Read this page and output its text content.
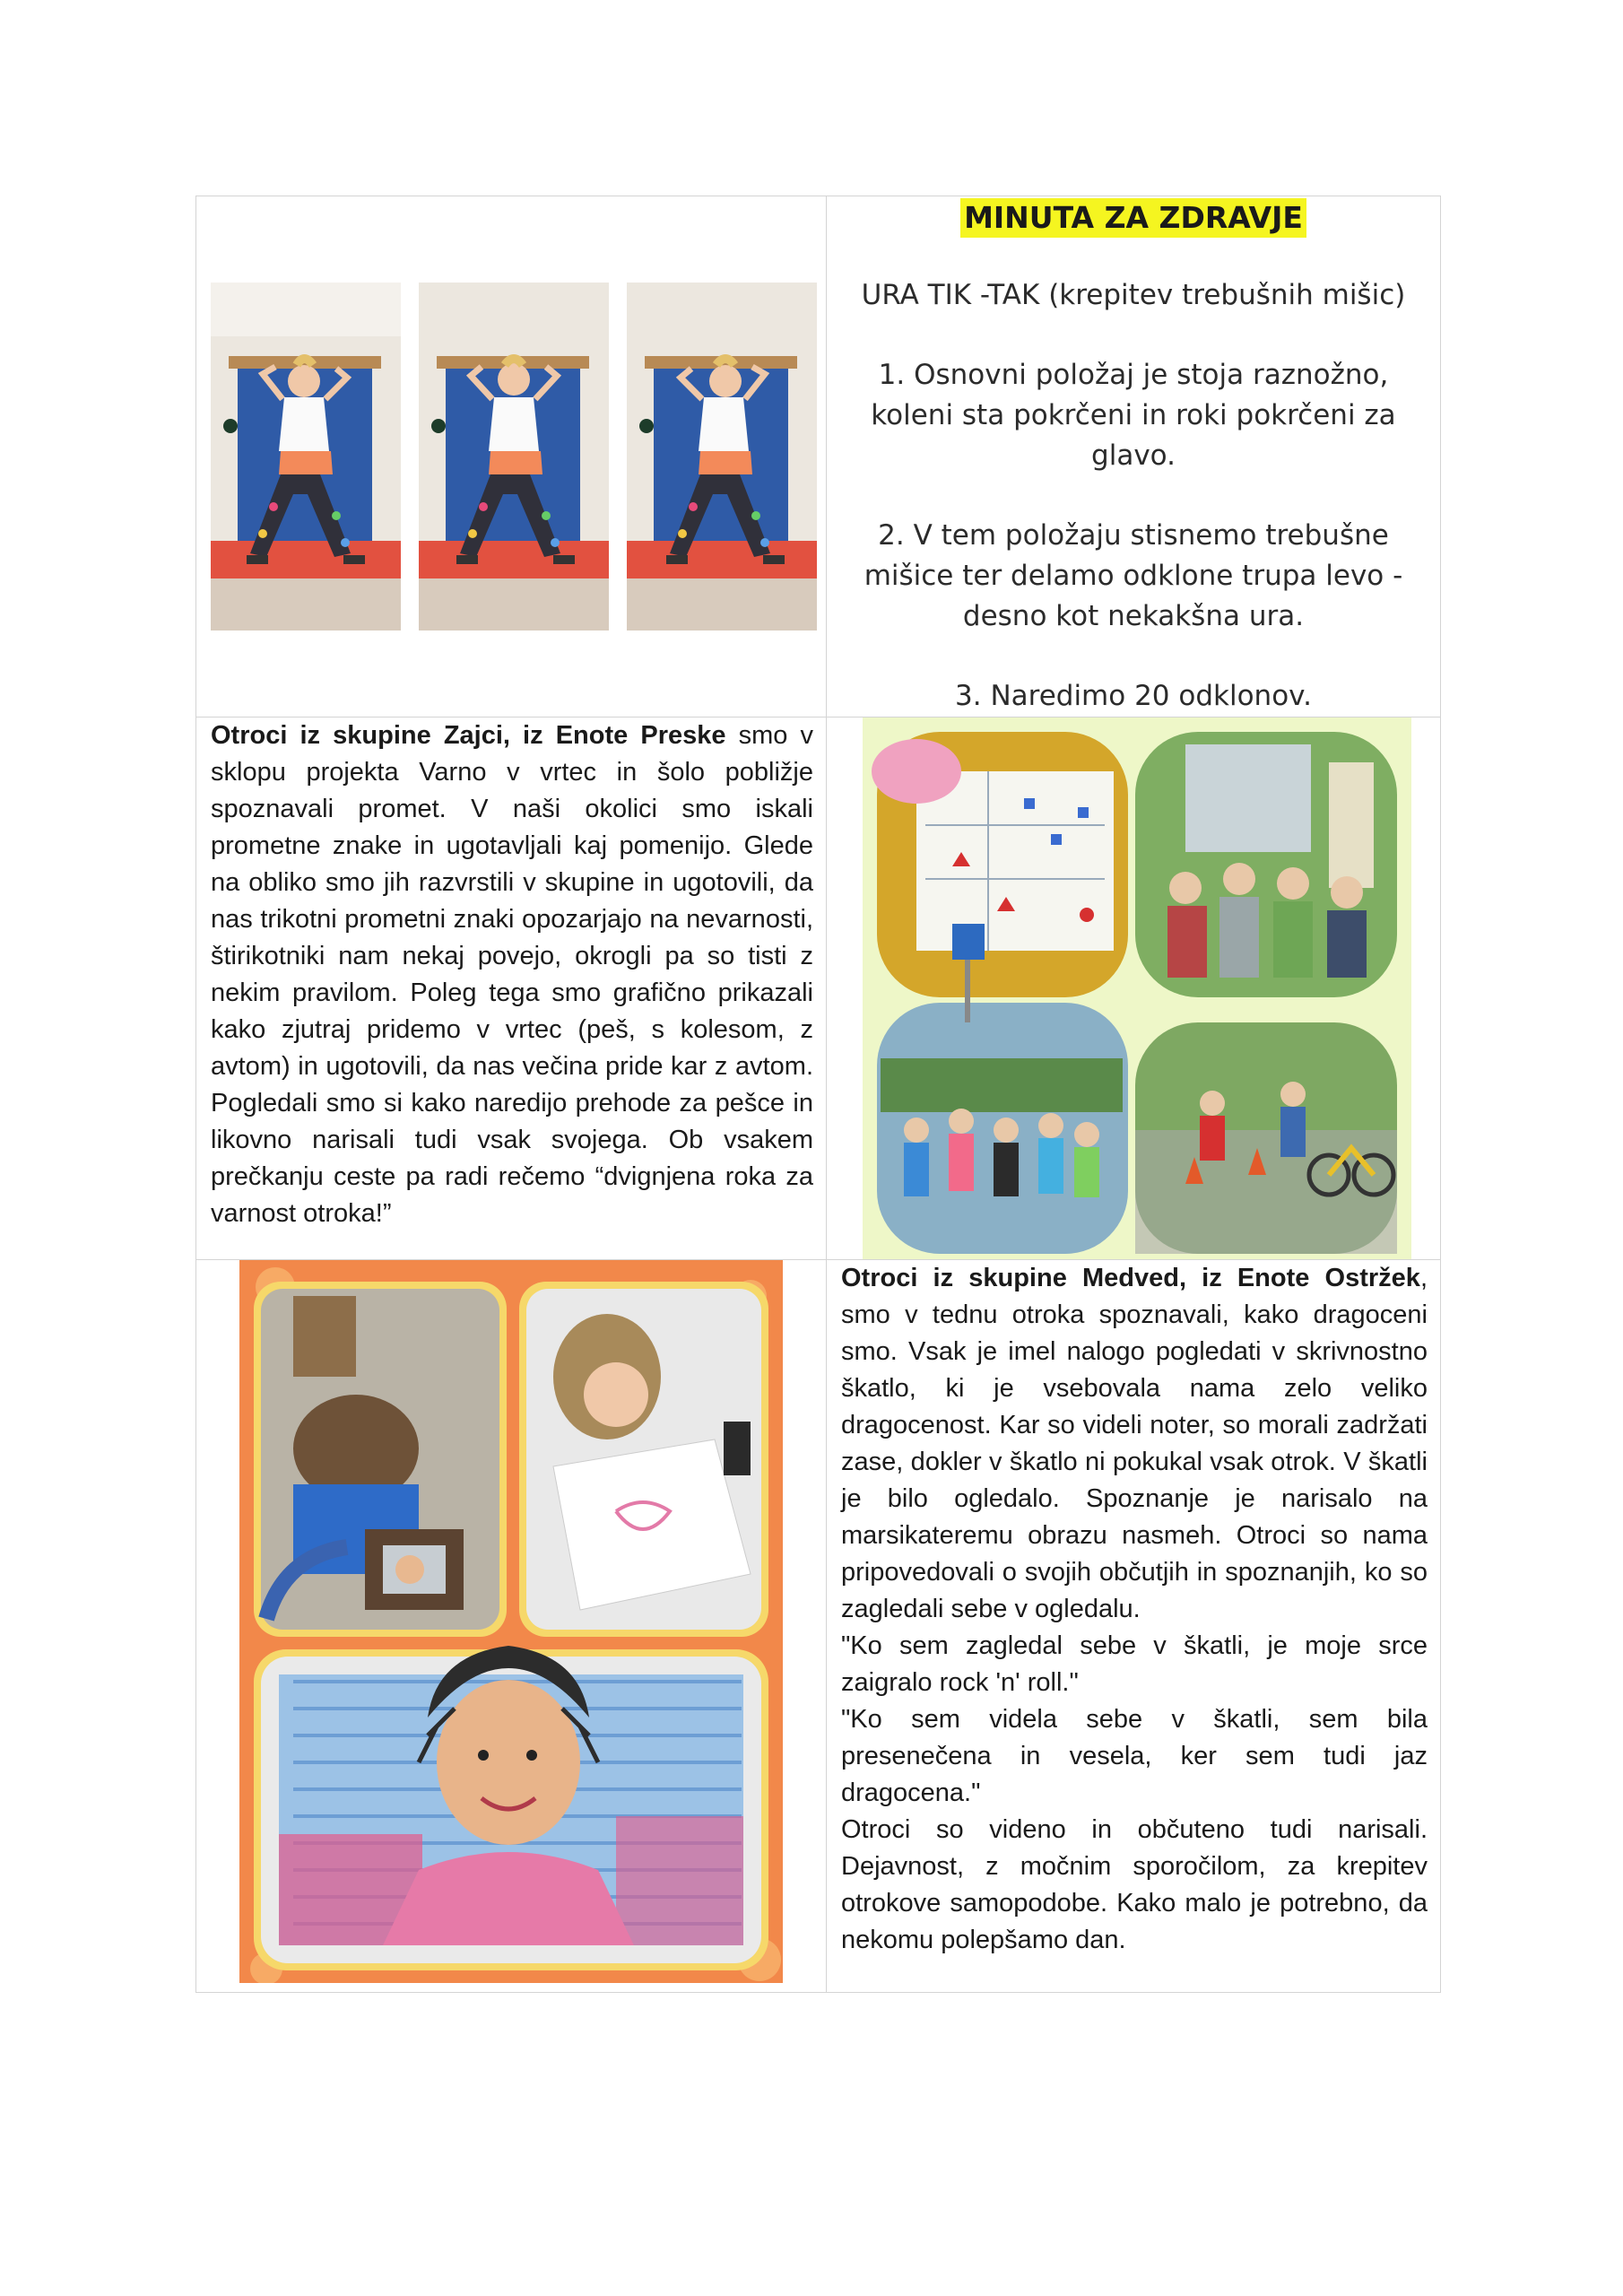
MINUTA ZA ZDRAVJE
URA TIK -TAK (krepitev trebušnih mišic)
1. Osnovni položaj je stoja raznožno, koleni sta pokrčeni in roki pokrčeni za glavo.
2. V tem položaju stisnemo trebušne mišice ter delamo odklone trupa levo - desno kot nekakšna ura.
3. Naredimo 20 odklonov.

Otroci iz skupine Zajci, iz Enote Preske smo v sklopu projekta Varno v vrtec in šolo pobližje spoznavali promet. V naši okolici smo iskali prometne znake in ugotavljali kaj pomenijo. Glede na obliko smo jih razvrstili v skupine in ugotovili, da nas trikotni prometni znaki opozarjajo na nevarnosti, štirikotniki nam nekaj povejo, okrogli pa so tisti z nekim pravilom. Poleg tega smo grafično prikazali kako zjutraj pridemo v vrtec (peš, s kolesom, z avtom) in ugotovili, da nas večina pride kar z avtom. Pogledali smo si kako naredijo prehode za pešce in likovno narisali tudi vsak svojega. Ob vsakem prečkanju ceste pa radi rečemo “dvignjena roka za varnost otroka!”

Otroci iz skupine Medved, iz Enote Ostržek, smo v tednu otroka spoznavali, kako dragoceni smo. Vsak je imel nalogo pogledati v skrivnostno škatlo, ki je vsebovala nama zelo veliko dragocenost. Kar so videli noter, so morali zadržati zase, dokler v škatlo ni pokukal vsak otrok. V škatli je bilo ogledalo. Spoznanje je narisalo na marsikateremu obrazu nasmeh. Otroci so nama pripovedovali o svojih občutjih in spoznanjih, ko so zagledali sebe v ogledalu.

"Ko sem zagledal sebe v škatli, je moje srce zaigralo rock 'n' roll."

"Ko sem videla sebe v škatli, sem bila presenečena in vesela, ker sem tudi jaz dragocena."

Otroci so videno in občuteno tudi narisali. Dejavnost, z močnim sporočilom, za krepitev otrokove samopodobe. Kako malo je potrebno, da nekomu polepšamo dan.
